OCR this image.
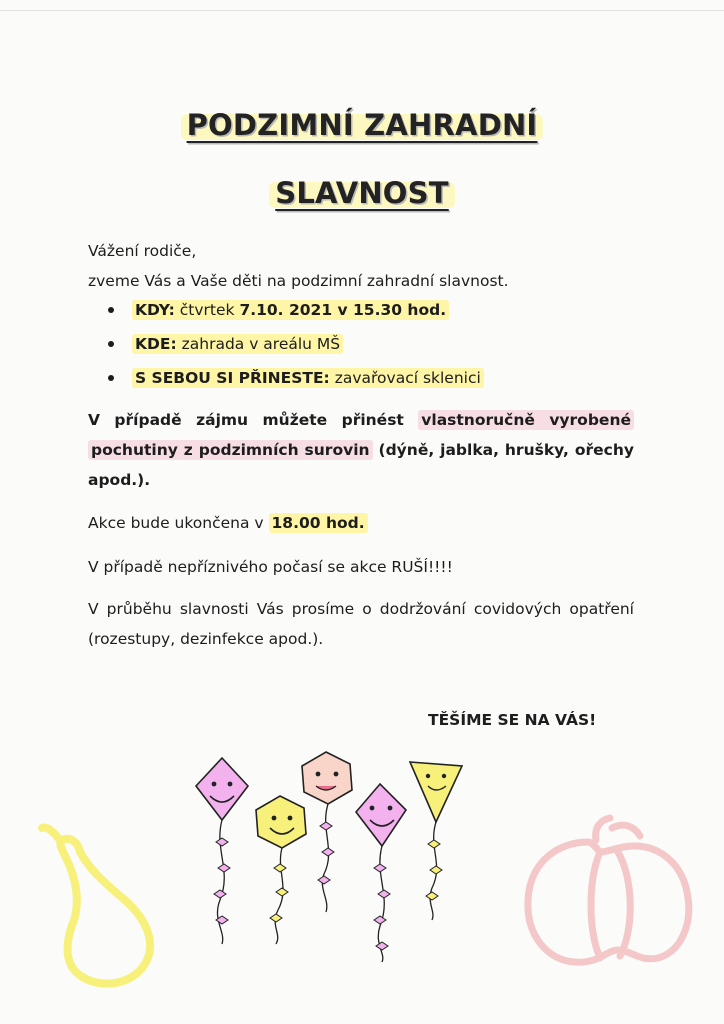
PODZIMNÍ ZAHRADNÍ
SLAVNOST
Vážení rodiče,
zveme Vás a Vaše děti na podzimní zahradní slavnost.
KDY: čtvrtek 7.10. 2021 v 15.30 hod.
KDE: zahrada v areálu MŠ
S SEBOU SI PŘINESTE: zavařovací sklenici
V případě zájmu můžete přinést vlastnoručně vyrobené pochutiny z podzimních surovin (dýně, jablka, hrušky, ořechy apod.).
Akce bude ukončena v 18.00 hod.
V případě nepříznivého počasí se akce RUŠÍ!!!!
V průběhu slavnosti Vás prosíme o dodržování covidových opatření (rozestupy, dezinfekce apod.).
TĚŠÍME SE NA VÁS!
